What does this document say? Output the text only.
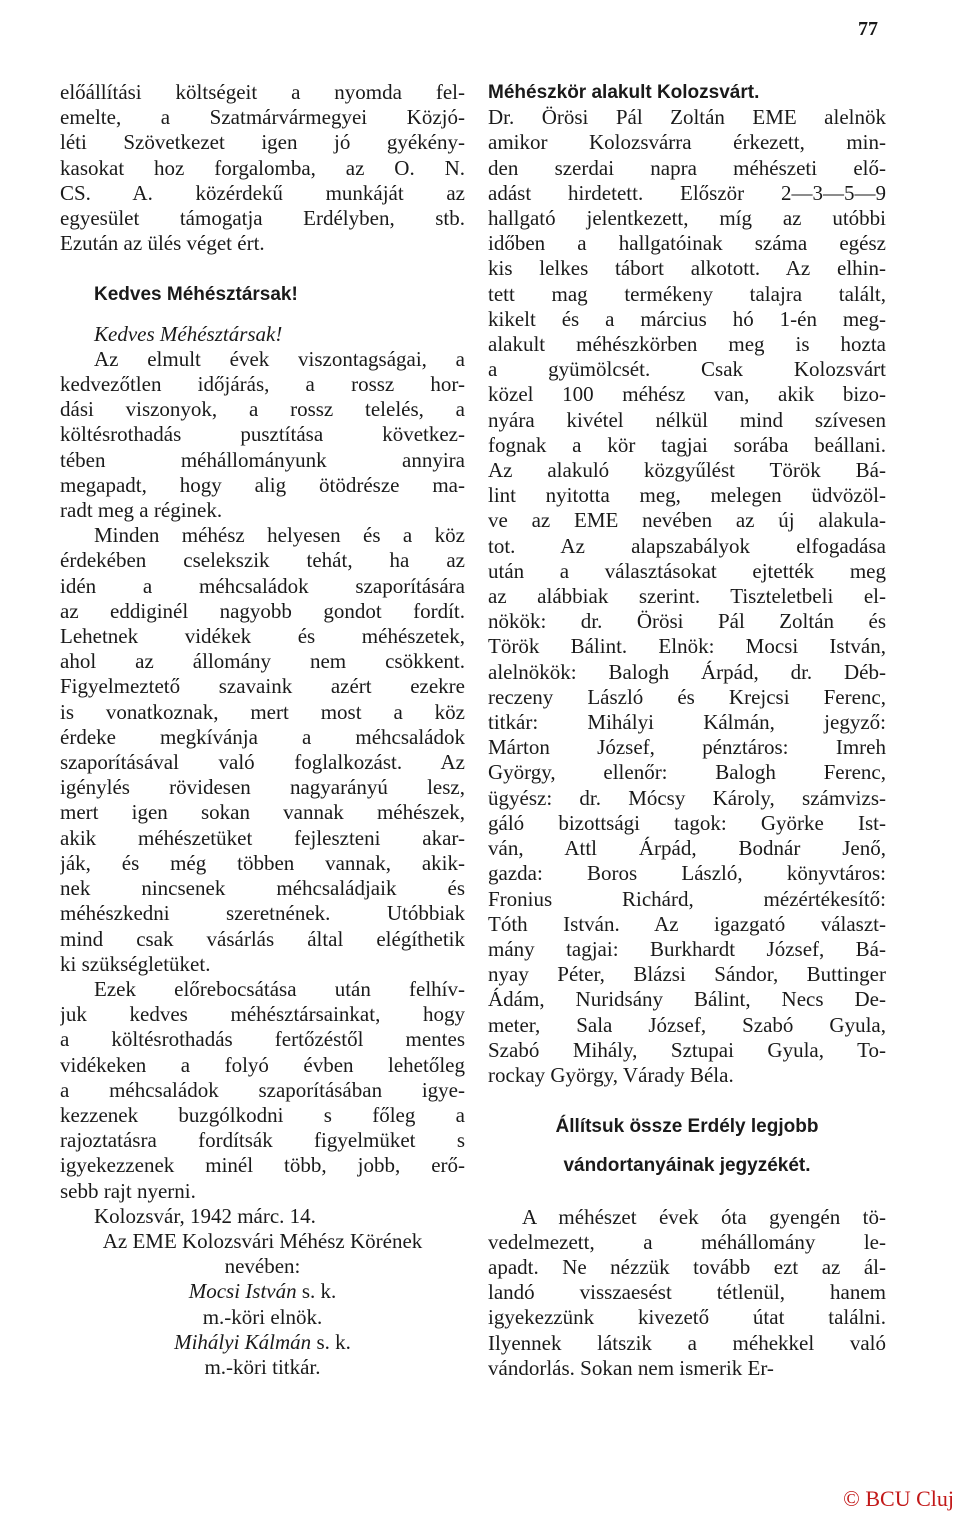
77
előállítási költségeit a nyomda fel-
emelte, a Szatmárvármegyei Közjó-
léti Szövetkezet igen jó gyékény-
kasokat hoz forgalomba, az O. N.
CS. A. közérdekű munkáját az
egyesület támogatja Erdélyben, stb.
Ezután az ülés véget ért.
Kedves Méhésztársak!
Kedves Méhésztársak!
Az elmult évek viszontagságai, a
kedvezőtlen időjárás, a rossz hor-
dási viszonyok, a rossz telelés, a
költésrothadás pusztítása következ-
tében méhállományunk annyira
megapadt, hogy alig ötödrésze ma-
radt meg a réginek.
Minden méhész helyesen és a köz
érdekében cselekszik tehát, ha az
idén a méhcsaládok szaporítására
az eddiginél nagyobb gondot fordít.
Lehetnek vidékek és méhészetek,
ahol az állomány nem csökkent.
Figyelmeztető szavaink azért ezekre
is vonatkoznak, mert most a köz
érdeke megkívánja a méhcsaládok
szaporításával való foglalkozást. Az
igénylés rövidesen nagyarányú lesz,
mert igen sokan vannak méhészek,
akik méhészetüket fejleszteni akar-
ják, és még többen vannak, akik-
nek nincsenek méhcsaládjaik és
méhészkedni szeretnének. Utóbbiak
mind csak vásárlás által elégíthetik
ki szükségletüket.
Ezek előrebocsátása után felhív-
juk kedves méhésztársainkat, hogy
a költésrothadás fertőzéstől mentes
vidékeken a folyó évben lehetőleg
a méhcsaládok szaporításában igye-
kezzenek buzgólkodni s főleg a
rajoztatásra fordítsák figyelmüket s
igyekezzenek minél több, jobb, erő-
sebb rajt nyerni.
Kolozsvár, 1942 márc. 14.
Az EME Kolozsvári Méhész Körének
nevében:
Mocsi István s. k.
m.-köri elnök.
Mihályi Kálmán s. k.
m.-köri titkár.
Méhészkör alakult Kolozsvárt.
Dr. Örösi Pál Zoltán EME alelnök
amikor Kolozsvárra érkezett, min-
den szerdai napra méhészeti elő-
adást hirdetett. Először 2—3—5—9
hallgató jelentkezett, míg az utóbbi
időben a hallgatóinak száma egész
kis lelkes tábort alkotott. Az elhin-
tett mag termékeny talajra talált,
kikelt és a március hó 1-én meg-
alakult méhészkörben meg is hozta
a gyümölcsét. Csak Kolozsvárt
közel 100 méhész van, akik bizo-
nyára kivétel nélkül mind szívesen
fognak a kör tagjai sorába beállani.
Az alakuló közgyűlést Török Bá-
lint nyitotta meg, melegen üdvözöl-
ve az EME nevében az új alakula-
tot. Az alapszabályok elfogadása
után a választásokat ejtették meg
az alábbiak szerint. Tiszteletbeli el-
nökök: dr. Örösi Pál Zoltán és
Török Bálint. Elnök: Mocsi István,
alelnökök: Balogh Árpád, dr. Déb-
reczeny László és Krejcsi Ferenc,
titkár: Mihályi Kálmán, jegyző:
Márton József, pénztáros: Imreh
György, ellenőr: Balogh Ferenc,
ügyész: dr. Mócsy Károly, számvizs-
gáló bizottsági tagok: Györke Ist-
ván, Attl Árpád, Bodnár Jenő,
gazda: Boros László, könyvtáros:
Fronius Richárd, mézértékesítő:
Tóth István. Az igazgató választ-
mány tagjai: Burkhardt József, Bá-
nyay Péter, Blázsi Sándor, Buttinger
Ádám, Nuridsány Bálint, Necs De-
meter, Sala József, Szabó Gyula,
Szabó Mihály, Sztupai Gyula, To-
rockay György, Várady Béla.
Állítsuk össze Erdély legjobb
vándortanyáinak jegyzékét.
A méhészet évek óta gyengén tö-
vedelmezett, a méhállomány le-
apadt. Ne nézzük tovább ezt az ál-
landó visszaesést tétlenül, hanem
igyekezzünk kivezető útat találni.
Ilyennek látszik a méhekkel való
vándorlás. Sokan nem ismerik Er-
© BCU Cluj
